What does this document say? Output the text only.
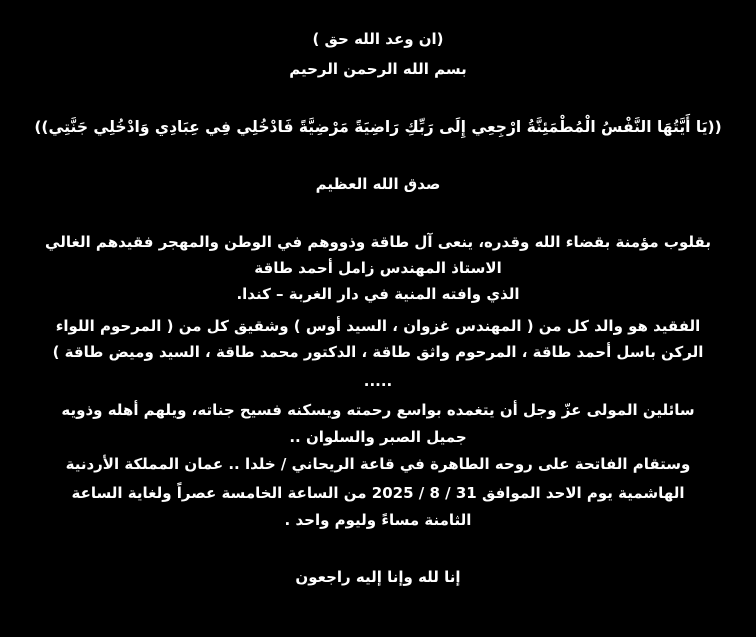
(ان وعد الله حق )
بسم الله الرحمن الرحيم
((يَا أَيَّتُهَا النَّفْسُ الْمُطْمَئِنَّةُ ارْجِعِي إِلَى رَبِّكِ رَاضِيَةً مَرْضِيَّةً فَادْخُلِي فِي عِبَادِي وَادْخُلِي جَنَّتِي))
صدق الله العظيم
بقلوب مؤمنة بقضاء الله وقدره، ينعى آل طاقة وذووهم في الوطن والمهجر فقيدهم الغالي
الاستاذ المهندس زامل أحمد طاقة
الذي وافته المنية في دار الغربة – كندا.
الفقيد هو والد كل من ( المهندس غزوان ، السيد أوس ) وشقيق كل من ( المرحوم اللواء
الركن باسل أحمد طاقة ، المرحوم واثق طاقة ، الدكتور محمد طاقة ، السيد وميض طاقة )
.....
سائلين المولى عزّ وجل أن يتغمده بواسع رحمته ويسكنه فسيح جناته، ويلهم أهله وذويه
جميل الصبر والسلوان ..
وستقام الفاتحة على روحه الطاهرة في قاعة الريحاني / خلدا .. عمان المملكة الأردنية
الهاشمية يوم الاحد الموافق 31 / 8 / 2025 من الساعة الخامسة عصراً ولغاية الساعة
الثامنة مساءً وليوم واحد .
إنا لله وإنا إليه راجعون
